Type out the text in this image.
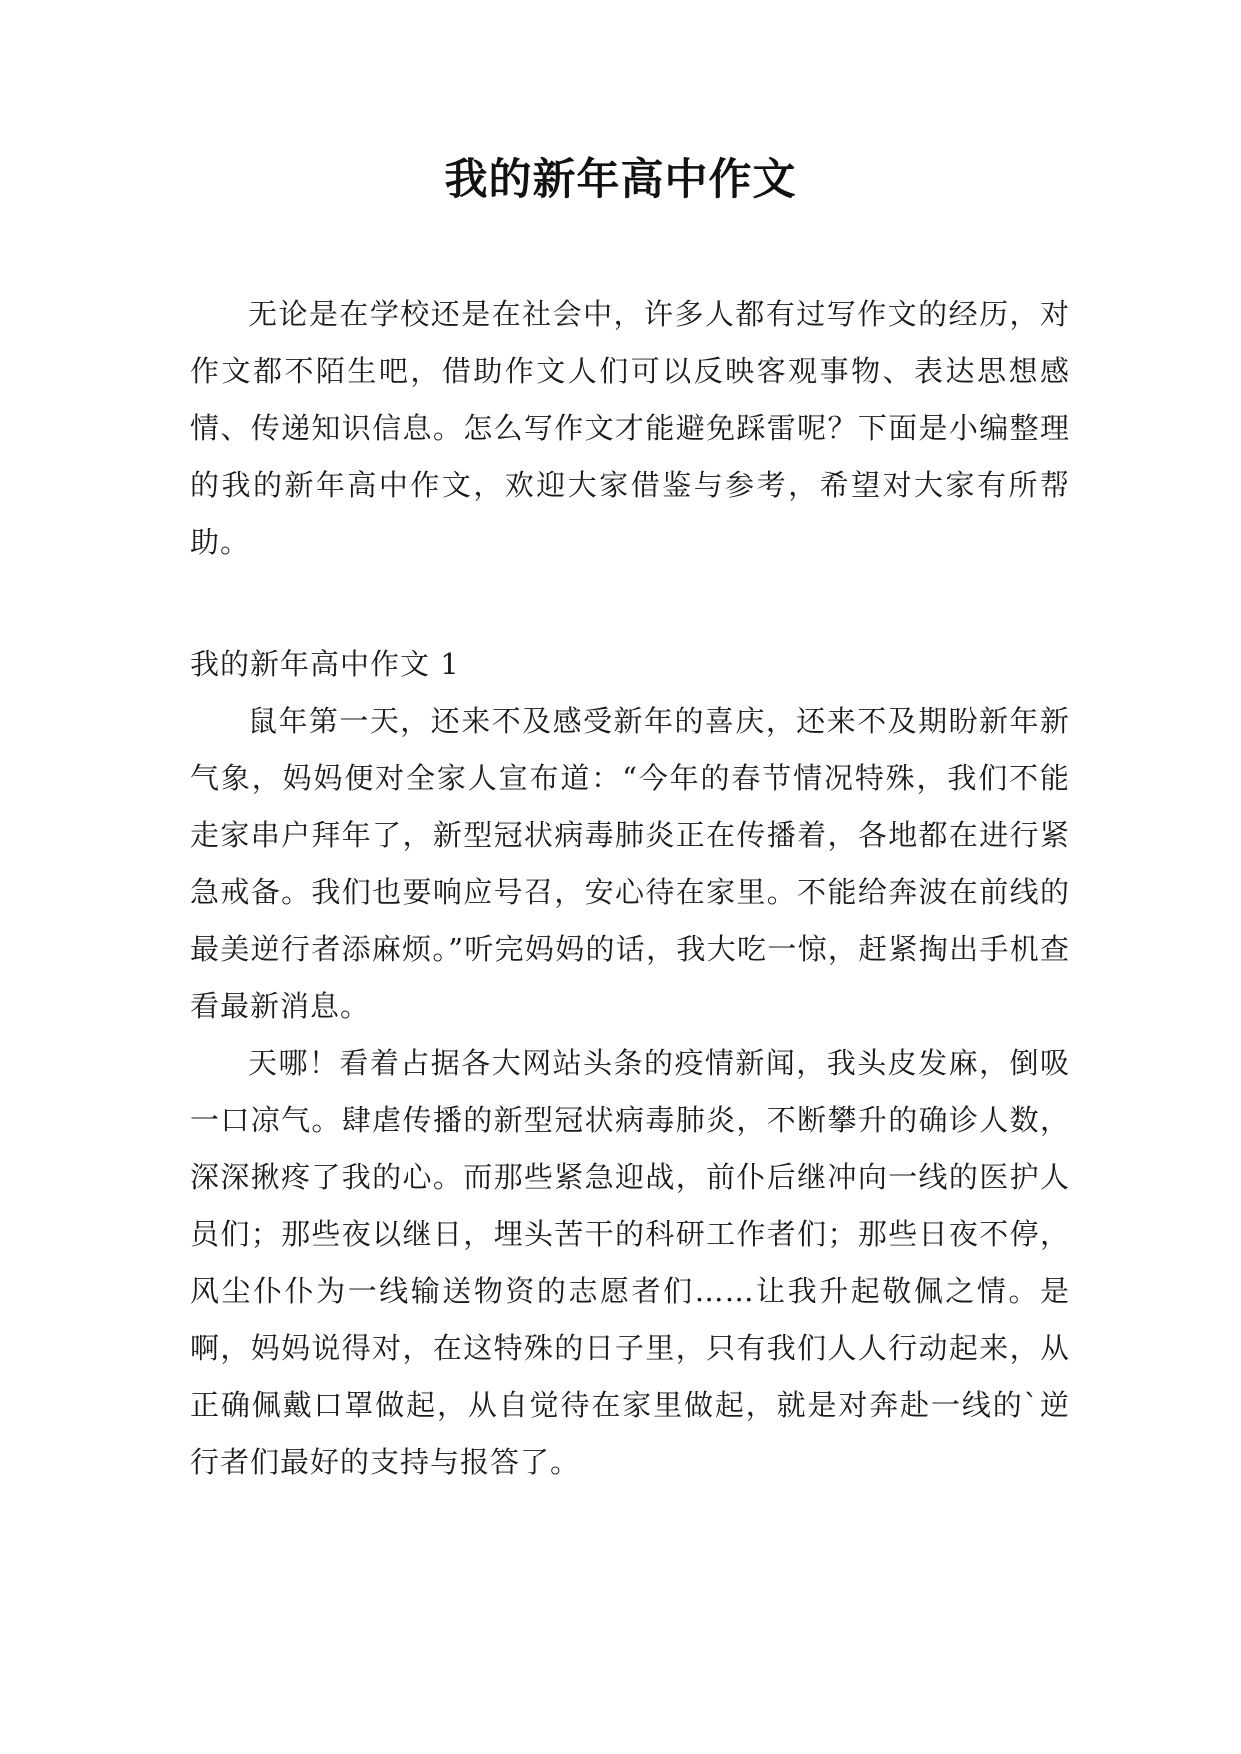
我的新年高中作文

无论是在学校还是在社会中，许多人都有过写作文的经历，对作文都不陌生吧，借助作文人们可以反映客观事物、表达思想感情、传递知识信息。怎么写作文才能避免踩雷呢？下面是小编整理的我的新年高中作文，欢迎大家借鉴与参考，希望对大家有所帮助。

我的新年高中作文 1

鼠年第一天，还来不及感受新年的喜庆，还来不及期盼新年新气象，妈妈便对全家人宣布道：“今年的春节情况特殊，我们不能走家串户拜年了，新型冠状病毒肺炎正在传播着，各地都在进行紧急戒备。我们也要响应号召，安心待在家里。不能给奔波在前线的最美逆行者添麻烦。”听完妈妈的话，我大吃一惊，赶紧掏出手机查看最新消息。

天哪！看着占据各大网站头条的疫情新闻，我头皮发麻，倒吸一口凉气。肆虐传播的新型冠状病毒肺炎，不断攀升的确诊人数，深深揪疼了我的心。而那些紧急迎战，前仆后继冲向一线的医护人员们；那些夜以继日，埋头苦干的科研工作者们；那些日夜不停，风尘仆仆为一线输送物资的志愿者们……让我升起敬佩之情。是啊，妈妈说得对，在这特殊的日子里，只有我们人人行动起来，从正确佩戴口罩做起，从自觉待在家里做起，就是对奔赴一线的`逆行者们最好的支持与报答了。
